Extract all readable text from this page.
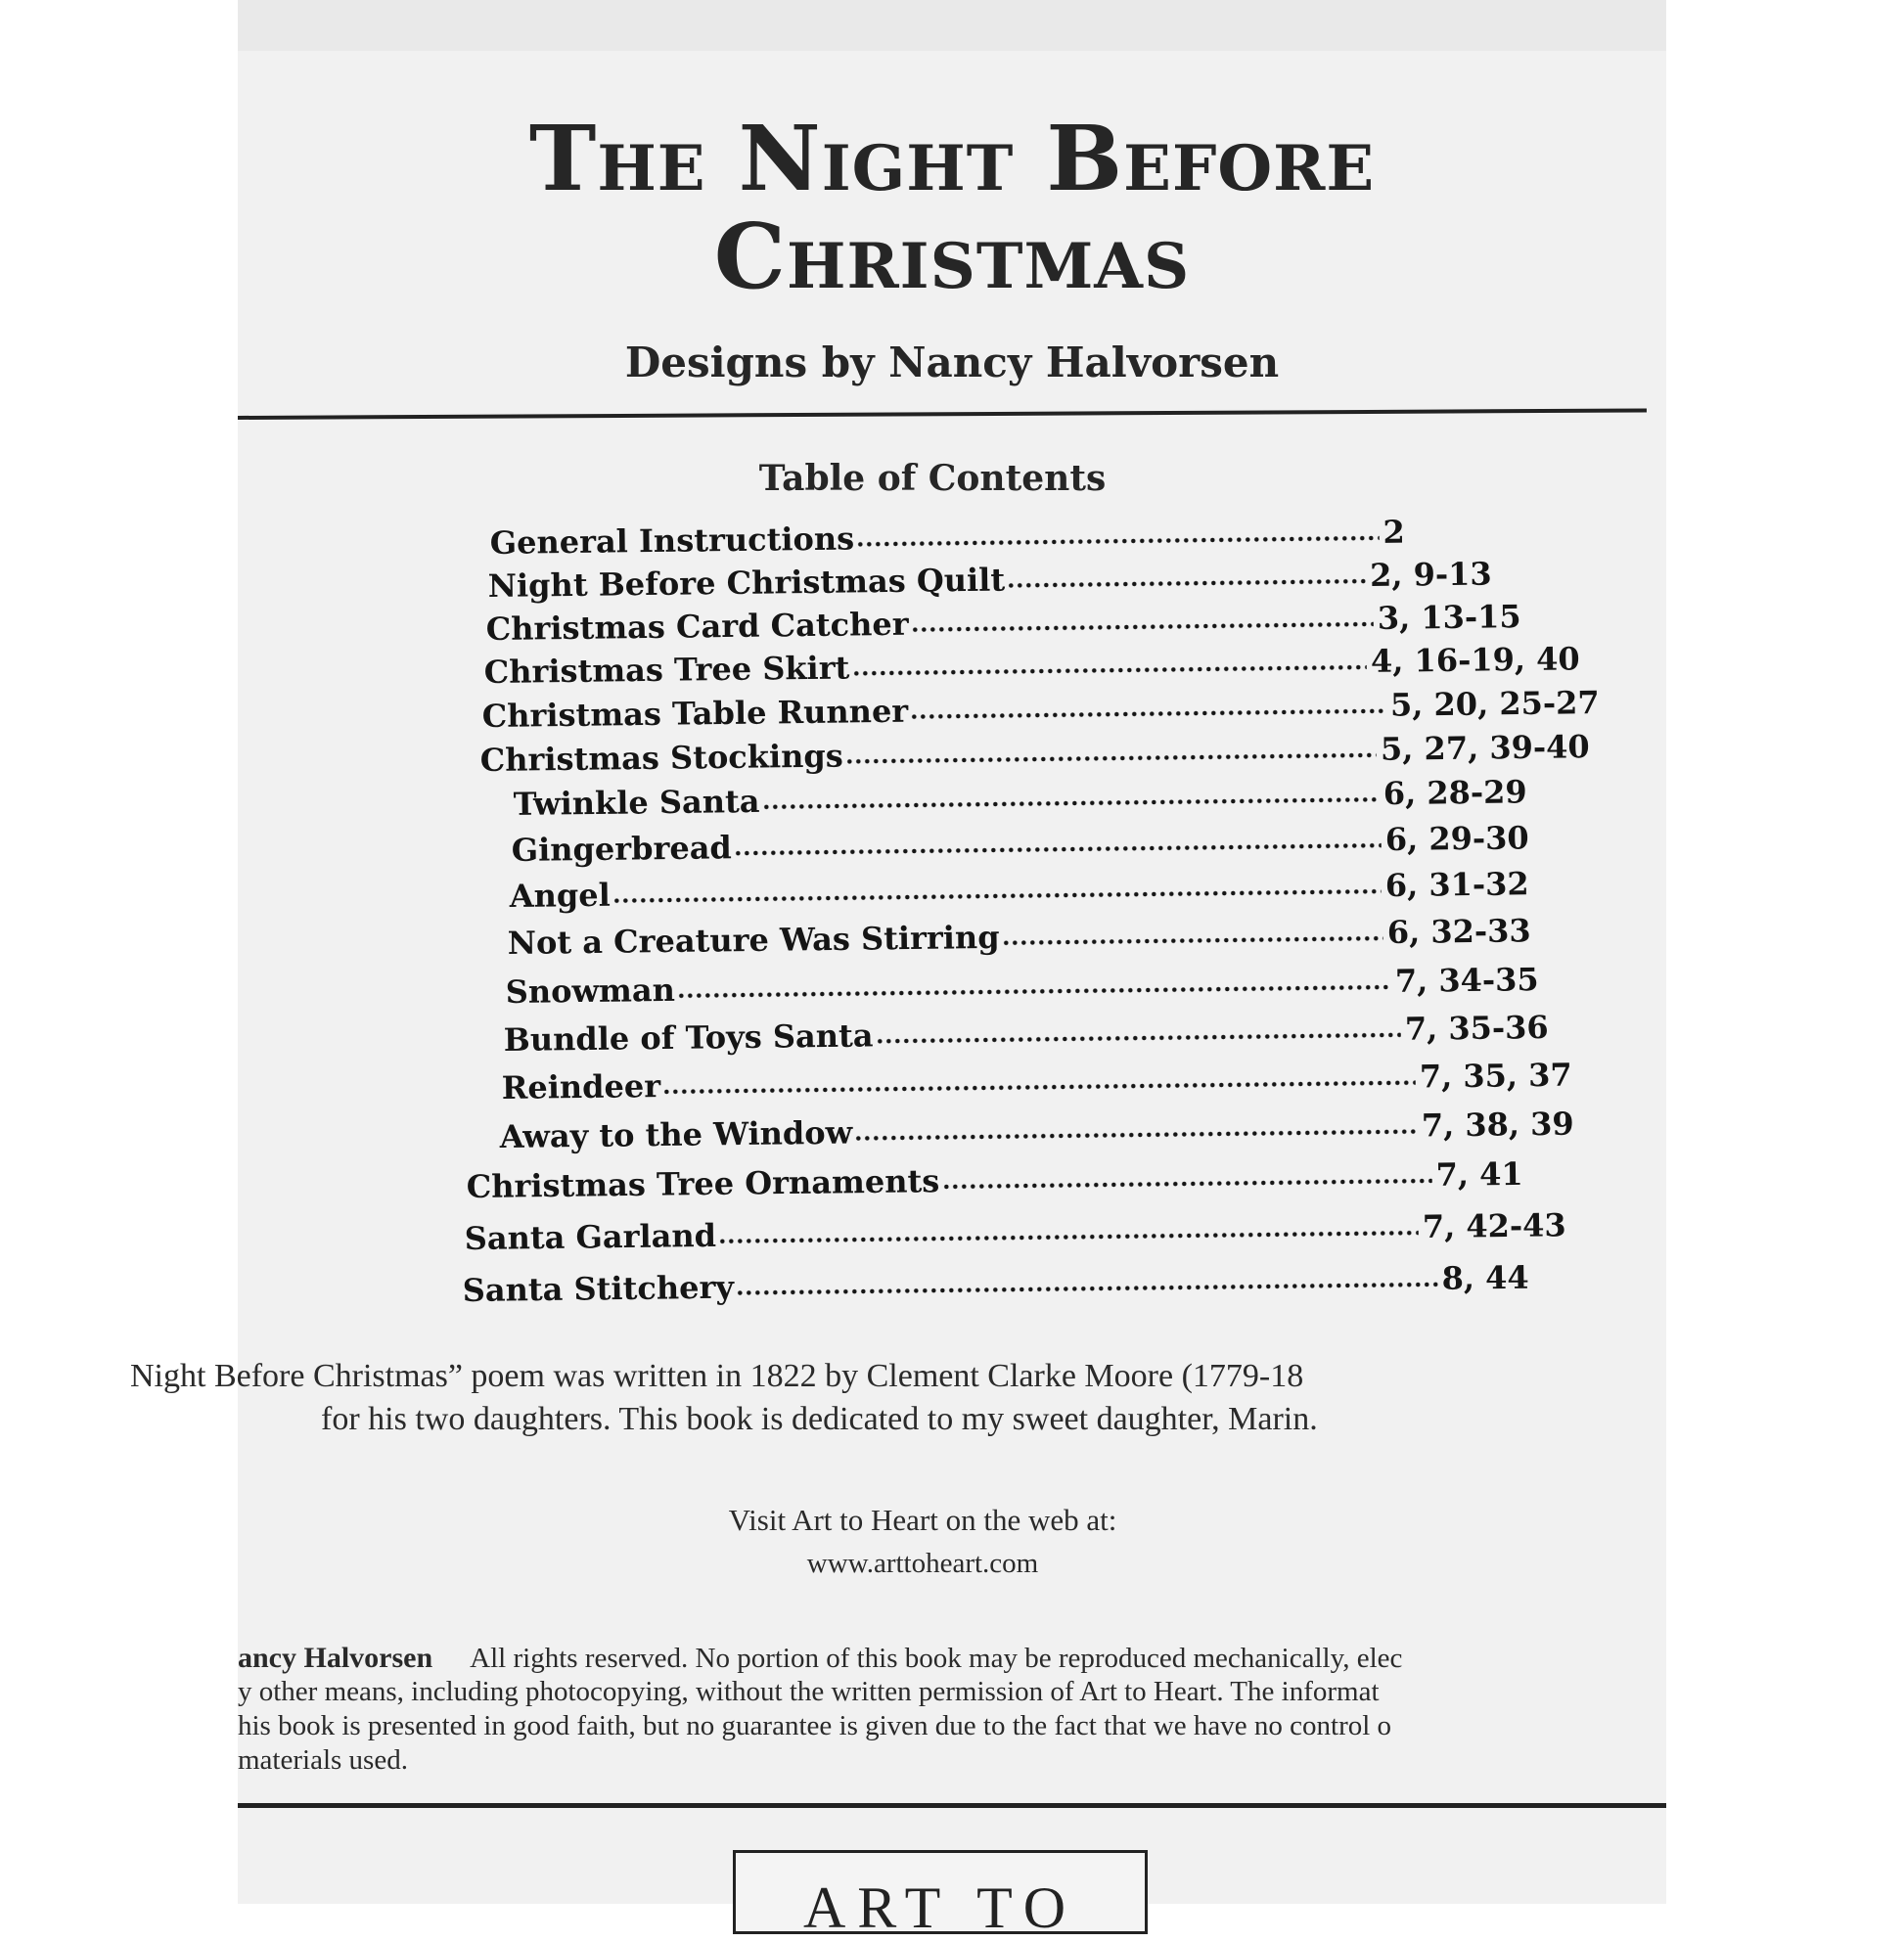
The Night Before
Christmas
Designs by Nancy Halvorsen
Table of Contents
General Instructions	2
Night Before Christmas Quilt	2, 9-13
Christmas Card Catcher	3, 13-15
Christmas Tree Skirt	4, 16-19, 40
Christmas Table Runner	5, 20, 25-27
Christmas Stockings	5, 27, 39-40
Twinkle Santa	6, 28-29
Gingerbread	6, 29-30
Angel	6, 31-32
Not a Creature Was Stirring	6, 32-33
Snowman	7, 34-35
Bundle of Toys Santa	7, 35-36
Reindeer	7, 35, 37
Away to the Window	7, 38, 39
Christmas Tree Ornaments	7, 41
Santa Garland	7, 42-43
Santa Stitchery	8, 44
Night Before Christmas” poem was written in 1822 by Clement Clarke Moore (1779-18
for his two daughters. This book is dedicated to my sweet daughter, Marin.
Visit Art to Heart on the web at:
www.arttoheart.com
ancy Halvorsen All rights reserved. No portion of this book may be reproduced mechanically, elec
y other means, including photocopying, without the written permission of Art to Heart. The informat
his book is presented in good faith, but no guarantee is given due to the fact that we have no control o
materials used.
ART TO
